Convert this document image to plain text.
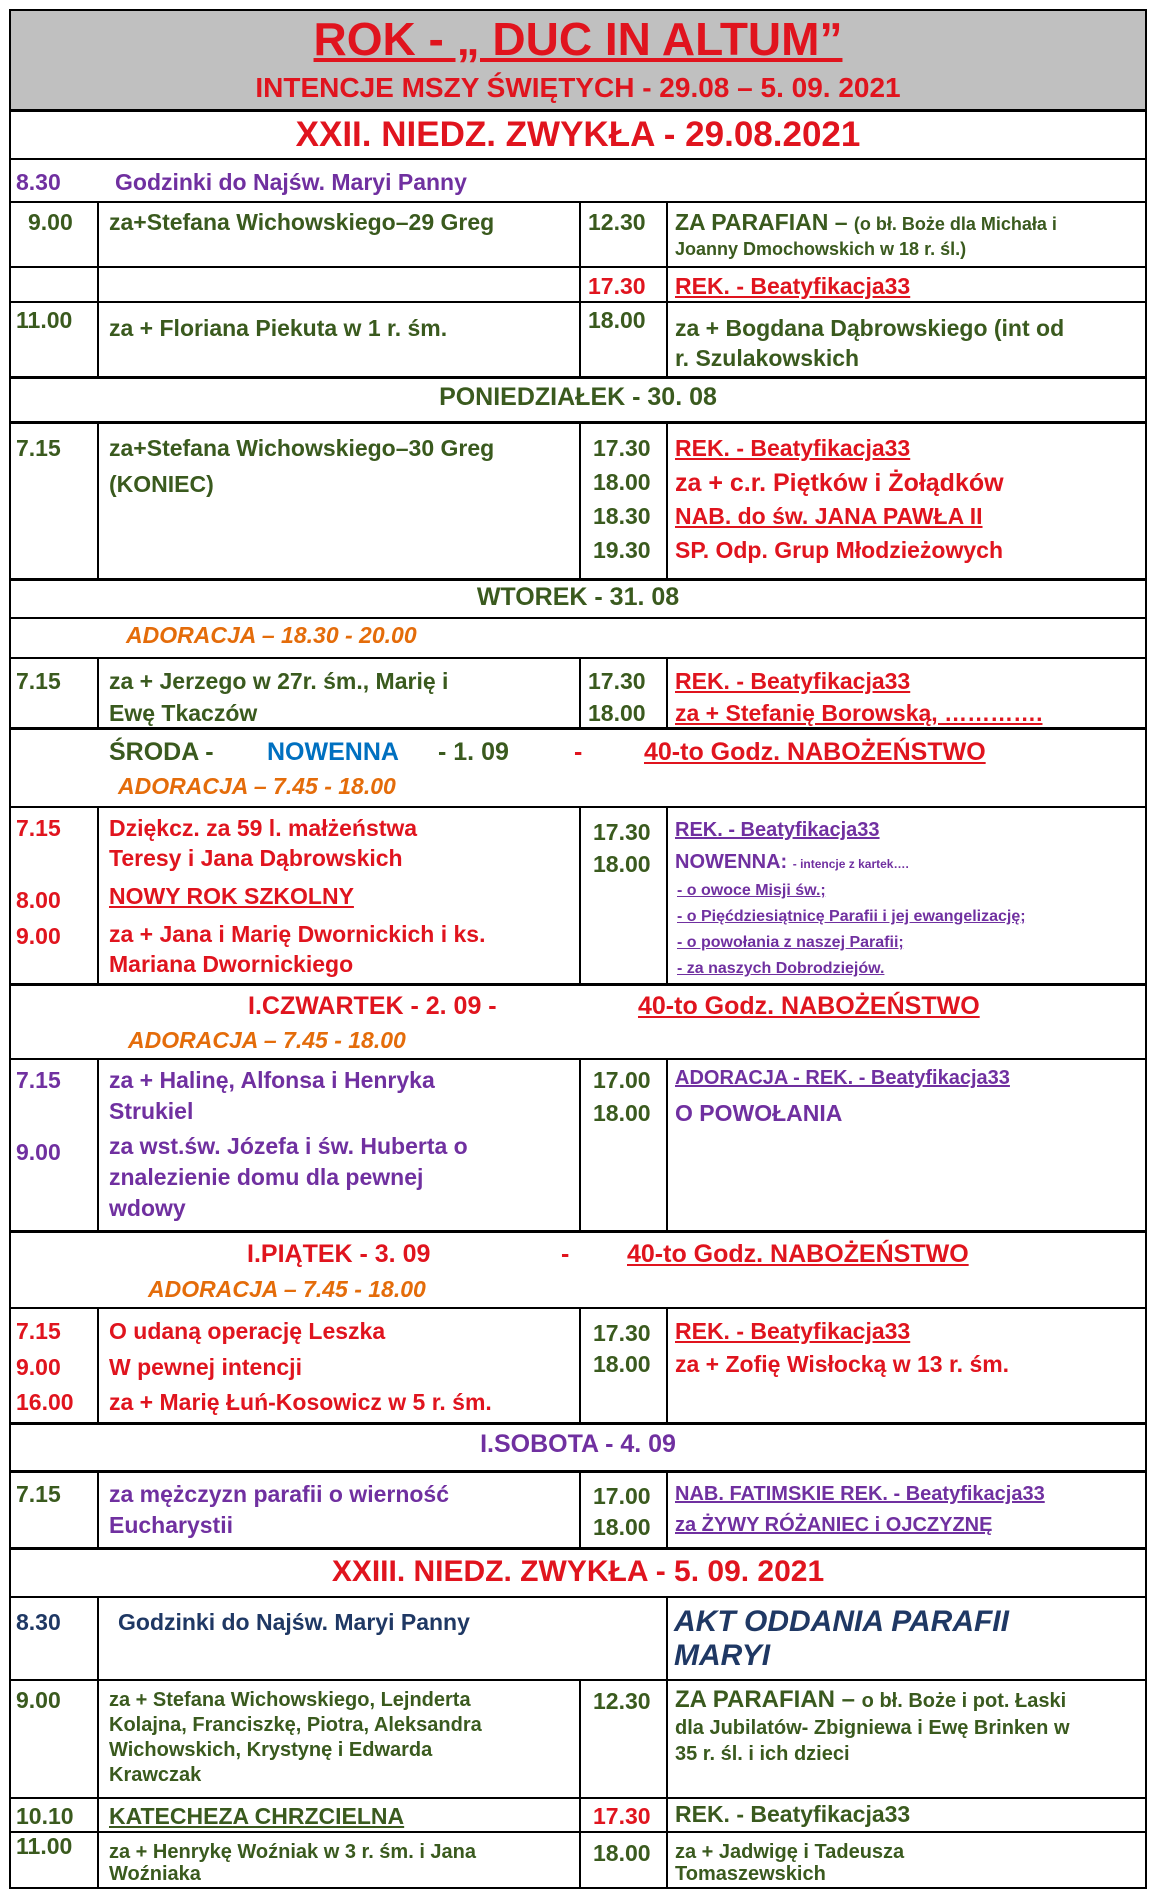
ROK - „ DUC IN ALTUM”
INTENCJE MSZY ŚWIĘTYCH - 29.08 – 5. 09. 2021
XXII. NIEDZ. ZWYKŁA - 29.08.2021
8.30 Godzinki do Najśw. Maryi Panny
9.00 za+Stefana Wichowskiego–29 Greg	12.30 ZA PARAFIAN – (o bł. Boże dla Michała i
Joanny Dmochowskich w 18 r. śl.)
17.30 REK. - Beatyfikacja33
11.00 za + Floriana Piekuta w 1 r. śm.	18.00 za + Bogdana Dąbrowskiego (int od
r. Szulakowskich
PONIEDZIAŁEK - 30. 08
7.15 za+Stefana Wichowskiego–30 Greg
(KONIEC)
17.30 REK. - Beatyfikacja33
18.00 za + c.r. Piętków i Żołądków
18.30 NAB. do św. JANA PAWŁA II
19.30 SP. Odp. Grup Młodzieżowych
WTOREK - 31. 08
ADORACJA – 18.30 - 20.00
7.15 za + Jerzego w 27r. śm., Marię i
Ewę Tkaczów
17.30 REK. - Beatyfikacja33
18.00 za + Stefanię Borowską, ………….
ŚRODA - NOWENNA - 1. 09	- 40-to Godz. NABOŻEŃSTWO
ADORACJA – 7.45 - 18.00
7.15 Dziękcz. za 59 l. małżeństwa
Teresy i Jana Dąbrowskich
8.00 NOWY ROK SZKOLNY
9.00 za + Jana i Marię Dwornickich i ks.
Mariana Dwornickiego
17.30 REK. - Beatyfikacja33
18.00 NOWENNA: - intencje z kartek….
- o owoce Misji św.;
- o Pięćdziesiątnicę Parafii i jej ewangelizację;
- o powołania z naszej Parafii;
- za naszych Dobrodziejów.
I.CZWARTEK - 2. 09 -	40-to Godz. NABOŻEŃSTWO
ADORACJA – 7.45 - 18.00
7.15 za + Halinę, Alfonsa i Henryka
Strukiel
9.00 za wst.św. Józefa i św. Huberta o
znalezienie domu dla pewnej
wdowy
17.00 ADORACJA - REK. - Beatyfikacja33
18.00 O POWOŁANIA
I.PIĄTEK - 3. 09	- 40-to Godz. NABOŻEŃSTWO
ADORACJA – 7.45 - 18.00
7.15 O udaną operację Leszka
9.00 W pewnej intencji
16.00 za + Marię Łuń-Kosowicz w 5 r. śm.
17.30 REK. - Beatyfikacja33
18.00 za + Zofię Wisłocką w 13 r. śm.
I.SOBOTA - 4. 09
7.15 za mężczyzn parafii o wierność
Eucharystii
17.00 NAB. FATIMSKIE REK. - Beatyfikacja33
18.00 za ŻYWY RÓŻANIEC i OJCZYZNĘ
XXIII. NIEDZ. ZWYKŁA - 5. 09. 2021
8.30 Godzinki do Najśw. Maryi Panny	AKT ODDANIA PARAFII
MARYI
9.00 za + Stefana Wichowskiego, Lejnderta
Kolajna, Franciszkę, Piotra, Aleksandra
Wichowskich, Krystynę i Edwarda
Krawczak
12.30 ZA PARAFIAN – o bł. Boże i pot. Łaski
dla Jubilatów- Zbigniewa i Ewę Brinken w
35 r. śl. i ich dzieci
10.10 KATECHEZA CHRZCIELNA	17.30 REK. - Beatyfikacja33
11.00 za + Henrykę Woźniak w 3 r. śm. i Jana
Woźniaka
18.00 za + Jadwigę i Tadeusza
Tomaszewskich
